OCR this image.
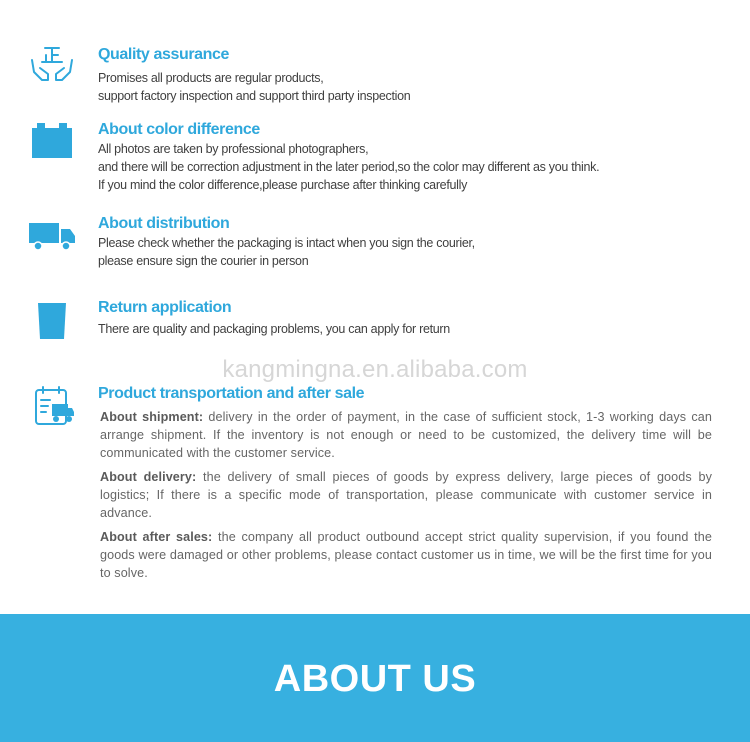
Quality assurance
Promises all products are regular products,
support factory inspection and support third party inspection
About color difference
All photos are taken by professional photographers,
and there will be correction adjustment in the later period,so the color may different as you think.
If you mind the color difference,please purchase after thinking carefully
About distribution
Please check whether the packaging is intact when you sign the courier,
please ensure sign the courier in person
Return application
There are quality and packaging problems, you can apply for return
kangmingna.en.alibaba.com
Product transportation and after sale

About shipment: delivery in the order of payment, in the case of sufficient stock, 1-3 working days can arrange shipment. If the inventory is not enough or need to be customized, the delivery time will be communicated with the customer service.

About delivery: the delivery of small pieces of goods by express delivery, large pieces of goods by logistics; If there is a specific mode of transportation, please communicate with customer service in advance.

About after sales: the company all product outbound accept strict quality supervision, if you found the goods were damaged or other problems, please contact customer us in time, we will be the first time for you to solve.

ABOUT US
